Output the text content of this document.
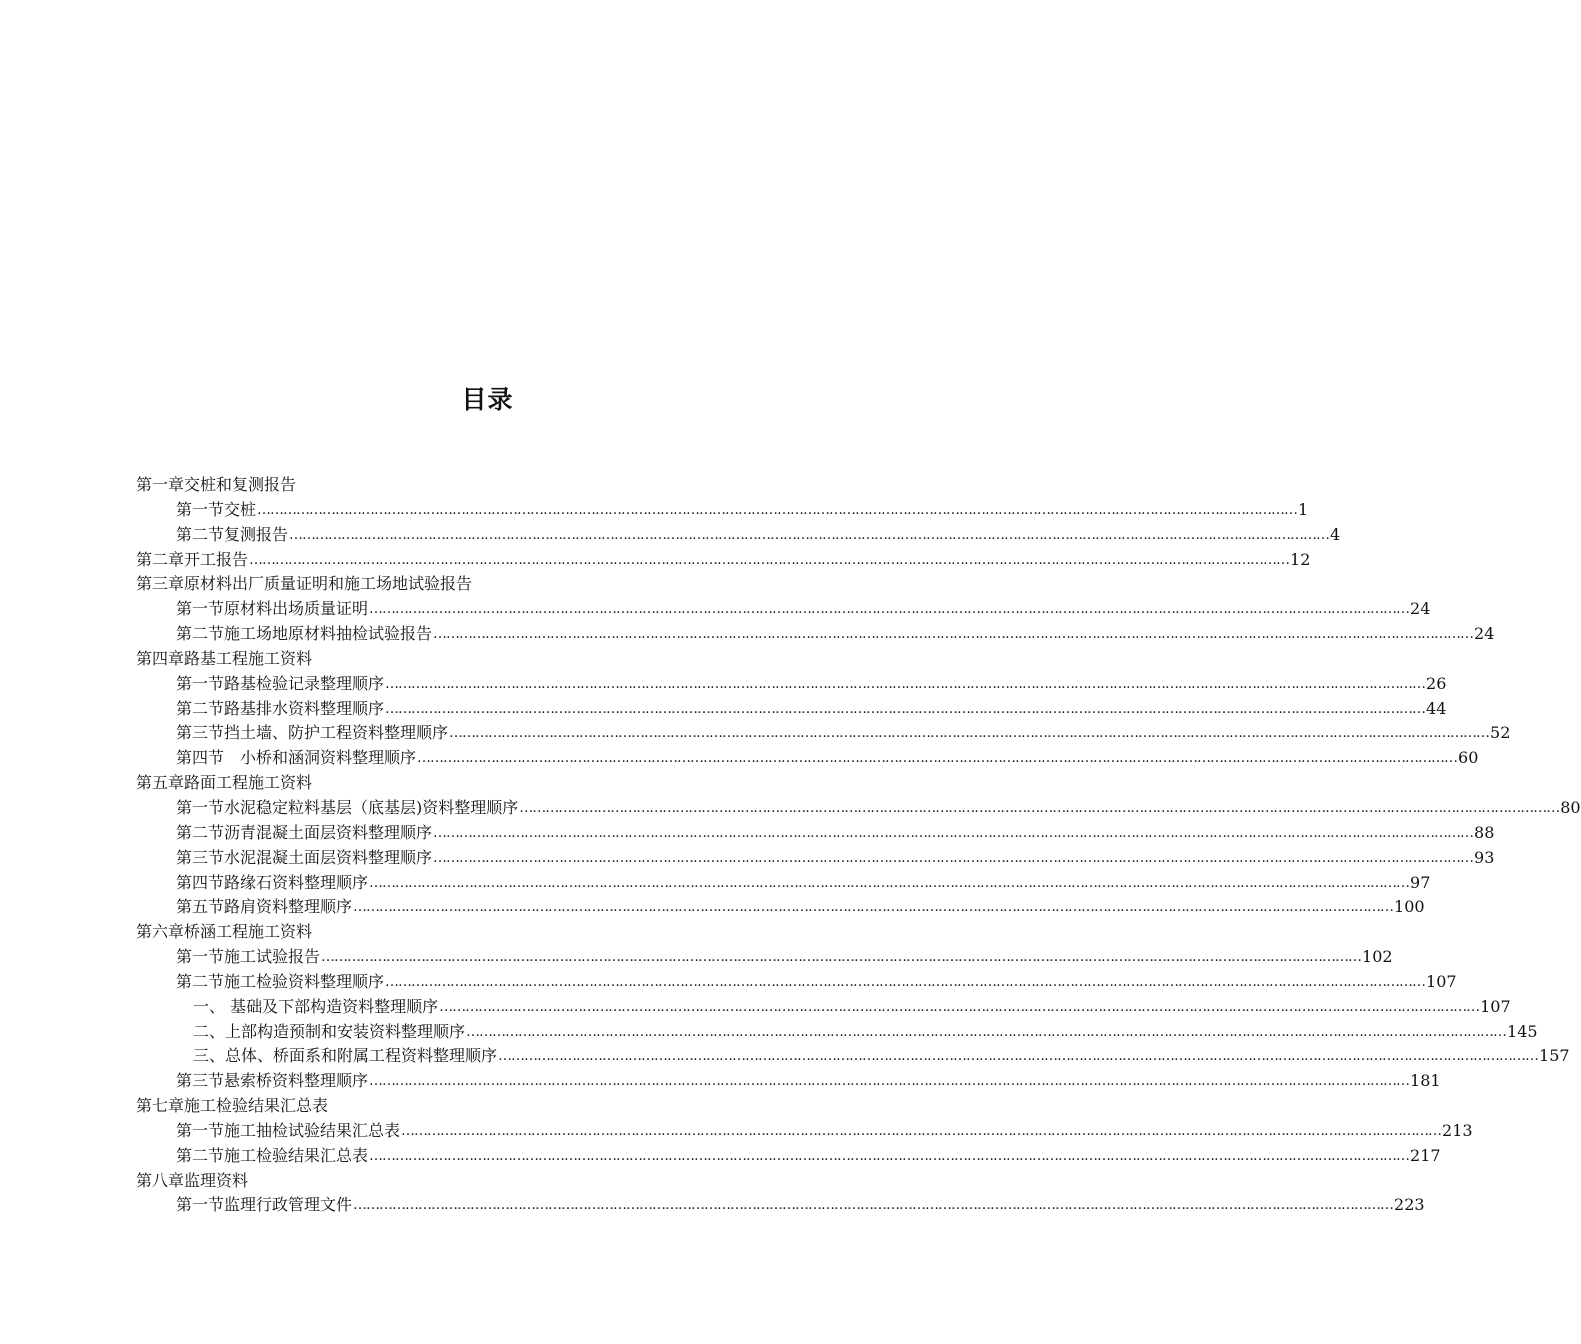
目录
第一章交桩和复测报告
第一节交桩 …………………………………………………………………………………………………………………………………………………………………………………………………………………… 1
第二节复测报告 …………………………………………………………………………………………………………………………………………………………………………………………………………………… 4
第二章开工报告 …………………………………………………………………………………………………………………………………………………………………………………………………………………… 12
第三章原材料出厂质量证明和施工场地试验报告
第一节原材料出场质量证明 …………………………………………………………………………………………………………………………………………………………………………………………………………………… 24
第二节施工场地原材料抽检试验报告 …………………………………………………………………………………………………………………………………………………………………………………………………………………… 24
第四章路基工程施工资料
第一节路基检验记录整理顺序 …………………………………………………………………………………………………………………………………………………………………………………………………………………… 26
第二节路基排水资料整理顺序 …………………………………………………………………………………………………………………………………………………………………………………………………………………… 44
第三节挡土墙、防护工程资料整理顺序 …………………………………………………………………………………………………………………………………………………………………………………………………………………… 52
第四节　小桥和涵洞资料整理顺序 …………………………………………………………………………………………………………………………………………………………………………………………………………………… 60
第五章路面工程施工资料
第一节水泥稳定粒料基层（底基层)资料整理顺序 …………………………………………………………………………………………………………………………………………………………………………………………………………………… 80
第二节沥青混凝土面层资料整理顺序 …………………………………………………………………………………………………………………………………………………………………………………………………………………… 88
第三节水泥混凝土面层资料整理顺序 …………………………………………………………………………………………………………………………………………………………………………………………………………………… 93
第四节路缘石资料整理顺序 …………………………………………………………………………………………………………………………………………………………………………………………………………………… 97
第五节路肩资料整理顺序 …………………………………………………………………………………………………………………………………………………………………………………………………………………… 100
第六章桥涵工程施工资料
第一节施工试验报告 …………………………………………………………………………………………………………………………………………………………………………………………………………………… 102
第二节施工检验资料整理顺序 …………………………………………………………………………………………………………………………………………………………………………………………………………………… 107
一、 基础及下部构造资料整理顺序 …………………………………………………………………………………………………………………………………………………………………………………………………………………… 107
二、上部构造预制和安装资料整理顺序 …………………………………………………………………………………………………………………………………………………………………………………………………………………… 145
三、总体、桥面系和附属工程资料整理顺序 …………………………………………………………………………………………………………………………………………………………………………………………………………………… 157
第三节悬索桥资料整理顺序 …………………………………………………………………………………………………………………………………………………………………………………………………………………… 181
第七章施工检验结果汇总表
第一节施工抽检试验结果汇总表 …………………………………………………………………………………………………………………………………………………………………………………………………………………… 213
第二节施工检验结果汇总表 …………………………………………………………………………………………………………………………………………………………………………………………………………………… 217
第八章监理资料
第一节监理行政管理文件 …………………………………………………………………………………………………………………………………………………………………………………………………………………… 223
